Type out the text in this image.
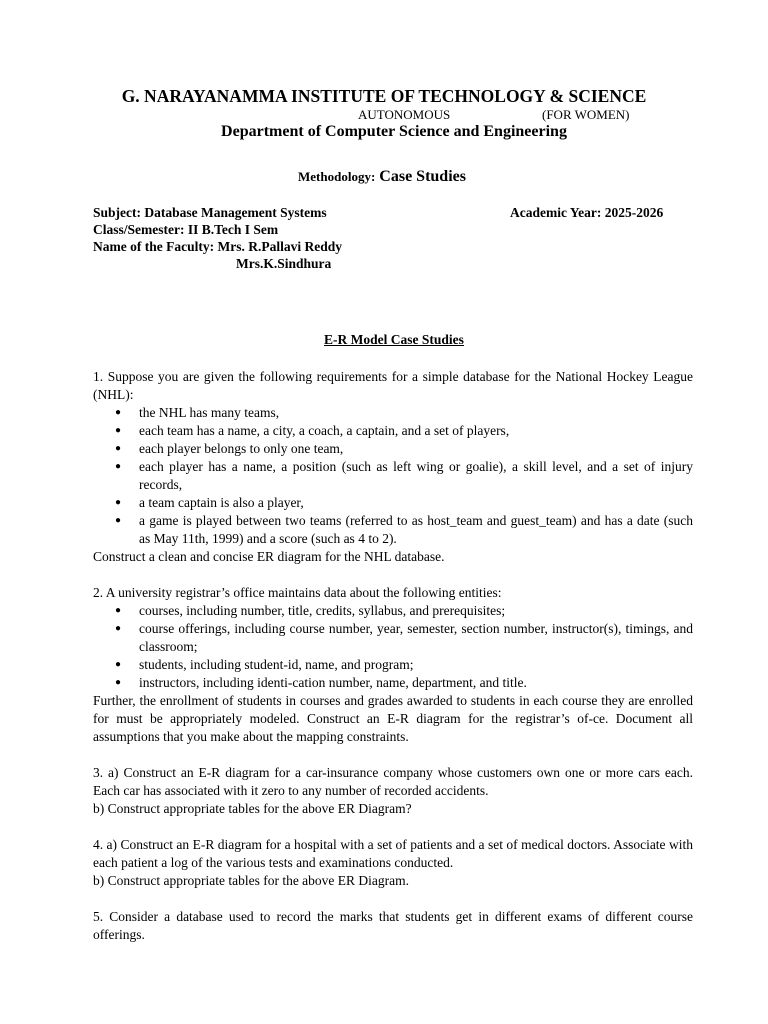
G. NARAYANAMMA INSTITUTE OF TECHNOLOGY & SCIENCE
AUTONOMOUS	(FOR WOMEN)
Department of Computer Science and Engineering
Methodology: Case Studies
Subject: Database Management Systems	Academic Year: 2025-2026
Class/Semester: II B.Tech I Sem
Name of the Faculty: Mrs. R.Pallavi Reddy
Mrs.K.Sindhura
E-R Model Case Studies

1. Suppose you are given the following requirements for a simple database for the National Hockey League (NHL):

● the NHL has many teams,
● each team has a name, a city, a coach, a captain, and a set of players,
● each player belongs to only one team,
● each player has a name, a position (such as left wing or goalie), a skill level, and a set of injury records,
● a team captain is also a player,
● a game is played between two teams (referred to as host_team and guest_team) and has a date (such as May 11th, 1999) and a score (such as 4 to 2).

Construct a clean and concise ER diagram for the NHL database.

2. A university registrar’s office maintains data about the following entities:

● courses, including number, title, credits, syllabus, and prerequisites;
● course offerings, including course number, year, semester, section number, instructor(s), timings, and classroom;
● students, including student-id, name, and program;
● instructors, including identi-cation number, name, department, and title.

Further, the enrollment of students in courses and grades awarded to students in each course they are enrolled for must be appropriately modeled. Construct an E-R diagram for the registrar’s of-ce. Document all assumptions that you make about the mapping constraints.

3. a) Construct an E-R diagram for a car-insurance company whose customers own one or more cars each. Each car has associated with it zero to any number of recorded accidents.

b) Construct appropriate tables for the above ER Diagram?

4. a) Construct an E-R diagram for a hospital with a set of patients and a set of medical doctors. Associate with each patient a log of the various tests and examinations conducted.

b) Construct appropriate tables for the above ER Diagram.

5. Consider a database used to record the marks that students get in different exams of different course offerings.
